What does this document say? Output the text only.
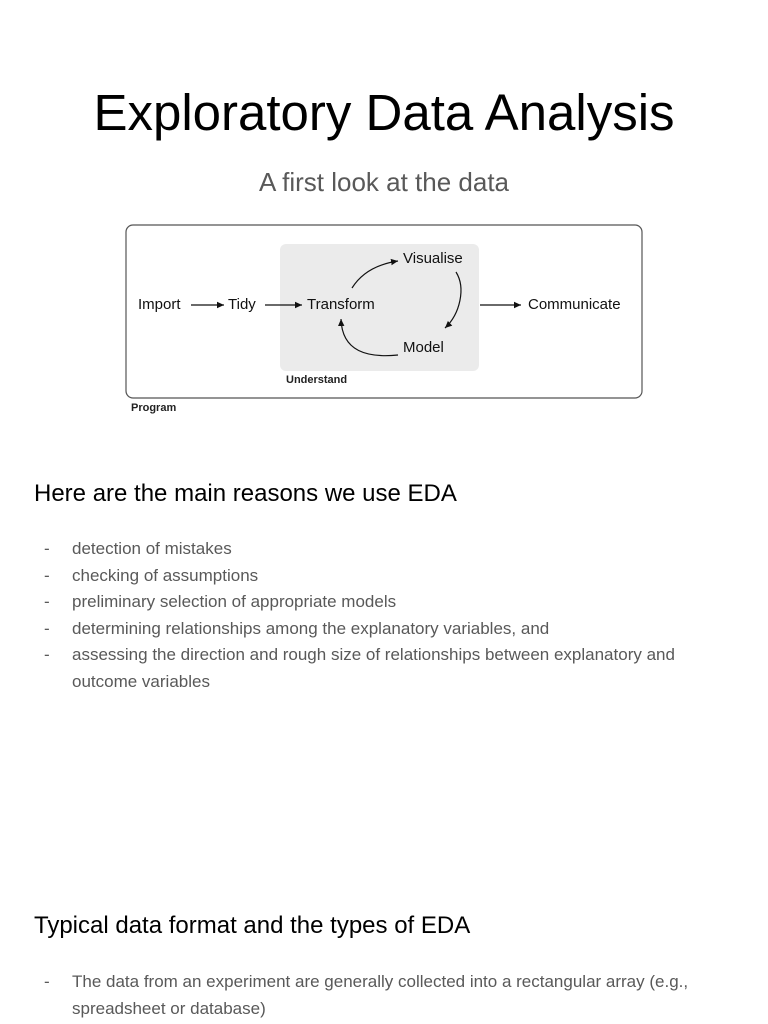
Exploratory Data Analysis
A first look at the data
Import	Tidy	Transform
Visualise
Model
Communicate
Understand
Program
Here are the main reasons we use EDA
- detection of mistakes
- checking of assumptions
- preliminary selection of appropriate models
- determining relationships among the explanatory variables, and
- assessing the direction and rough size of relationships between explanatory and outcome variables
Typical data format and the types of EDA
- The data from an experiment are generally collected into a rectangular array (e.g., spreadsheet or database)
